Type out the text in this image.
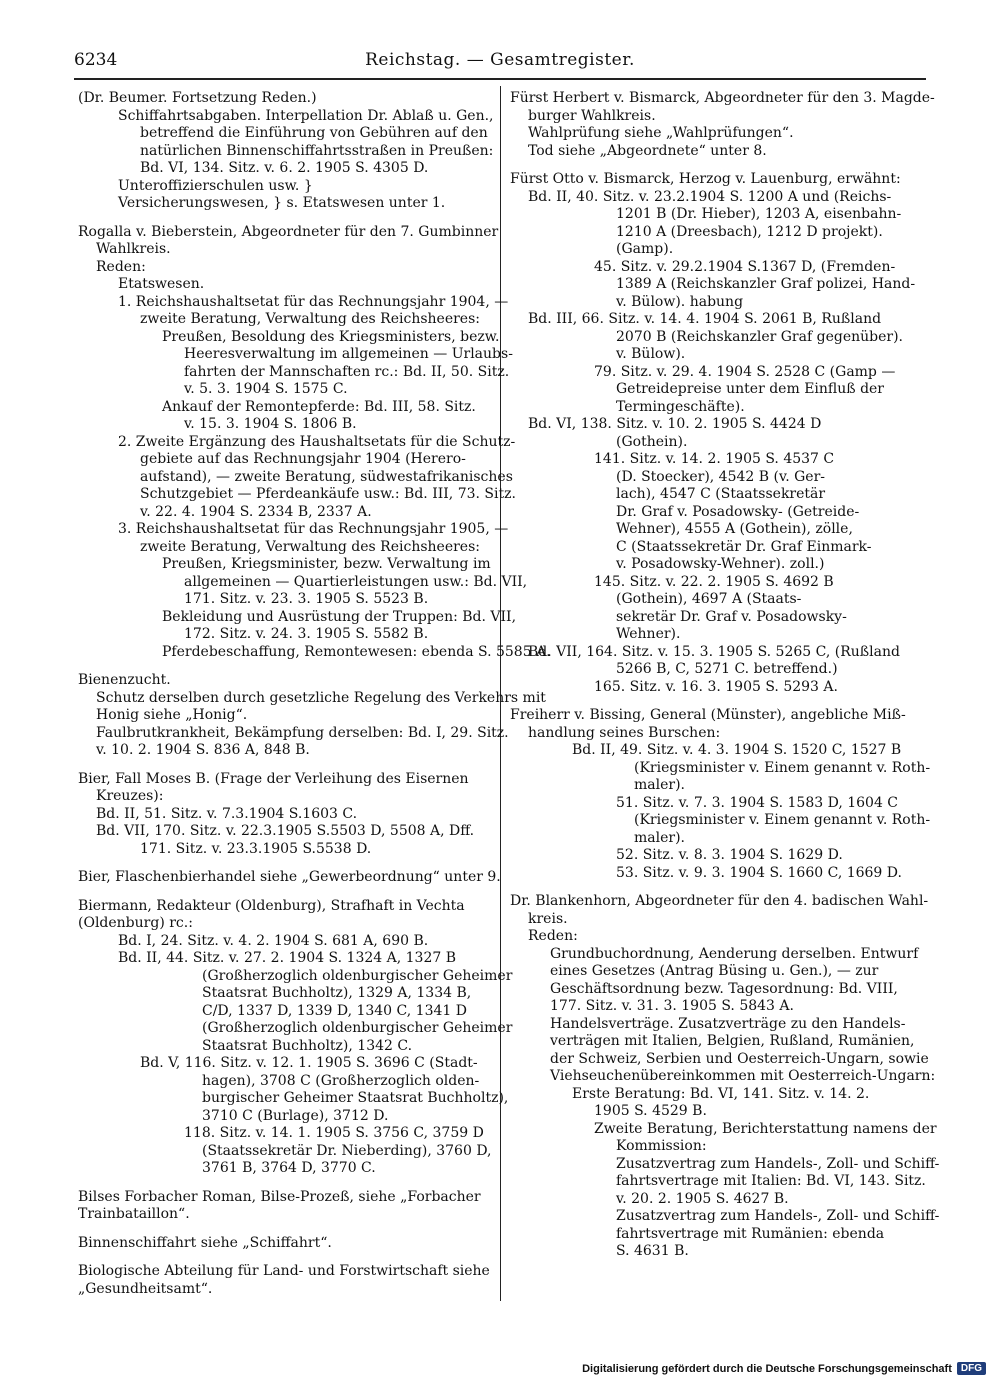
6234	Reichstag. — Gesamtregister.
(Dr. Beumer. Fortsetzung Reden.)
Schiffahrtsabgaben. Interpellation Dr. Ablaß u. Gen.,
betreffend die Einführung von Gebühren auf den
natürlichen Binnenschiffahrtsstraßen in Preußen:
Bd. VI, 134. Sitz. v. 6. 2. 1905 S. 4305 D.
Unteroffizierschulen usw. }
Versicherungswesen, } s. Etatswesen unter 1.
Rogalla v. Bieberstein, Abgeordneter für den 7. Gumbinner
Wahlkreis.
Reden:
Etatswesen.
1. Reichshaushaltsetat für das Rechnungsjahr 1904, —
zweite Beratung, Verwaltung des Reichsheeres:
Preußen, Besoldung des Kriegsministers, bezw.
Heeresverwaltung im allgemeinen — Urlaubs-
fahrten der Mannschaften rc.: Bd. II, 50. Sitz.
v. 5. 3. 1904 S. 1575 C.
Ankauf der Remontepferde: Bd. III, 58. Sitz.
v. 15. 3. 1904 S. 1806 B.
2. Zweite Ergänzung des Haushaltsetats für die Schutz-
gebiete auf das Rechnungsjahr 1904 (Herero-
aufstand), — zweite Beratung, südwestafrikanisches
Schutzgebiet — Pferdeankäufe usw.: Bd. III, 73. Sitz.
v. 22. 4. 1904 S. 2334 B, 2337 A.
3. Reichshaushaltsetat für das Rechnungsjahr 1905, —
zweite Beratung, Verwaltung des Reichsheeres:
Preußen, Kriegsminister, bezw. Verwaltung im
allgemeinen — Quartierleistungen usw.: Bd. VII,
171. Sitz. v. 23. 3. 1905 S. 5523 B.
Bekleidung und Ausrüstung der Truppen: Bd. VII,
172. Sitz. v. 24. 3. 1905 S. 5582 B.
Pferdebeschaffung, Remontewesen: ebenda S. 5585 A.
Bienenzucht.
Schutz derselben durch gesetzliche Regelung des Verkehrs mit
Honig siehe „Honig“.
Faulbrutkrankheit, Bekämpfung derselben: Bd. I, 29. Sitz.
v. 10. 2. 1904 S. 836 A, 848 B.
Bier, Fall Moses B. (Frage der Verleihung des Eisernen
Kreuzes):
Bd. II, 51. Sitz. v. 7.3.1904 S.1603 C.
Bd. VII, 170. Sitz. v. 22.3.1905 S.5503 D, 5508 A, Dff.
171. Sitz. v. 23.3.1905 S.5538 D.
Bier, Flaschenbierhandel siehe „Gewerbeordnung“ unter 9.
Biermann, Redakteur (Oldenburg), Strafhaft in Vechta
(Oldenburg) rc.:
Bd. I, 24. Sitz. v. 4. 2. 1904 S. 681 A, 690 B.
Bd. II, 44. Sitz. v. 27. 2. 1904 S. 1324 A, 1327 B
(Großherzoglich oldenburgischer Geheimer
Staatsrat Buchholtz), 1329 A, 1334 B,
C/D, 1337 D, 1339 D, 1340 C, 1341 D
(Großherzoglich oldenburgischer Geheimer
Staatsrat Buchholtz), 1342 C.
Bd. V, 116. Sitz. v. 12. 1. 1905 S. 3696 C (Stadt-
hagen), 3708 C (Großherzoglich olden-
burgischer Geheimer Staatsrat Buchholtz),
3710 C (Burlage), 3712 D.
118. Sitz. v. 14. 1. 1905 S. 3756 C, 3759 D
(Staatssekretär Dr. Nieberding), 3760 D,
3761 B, 3764 D, 3770 C.
Bilses Forbacher Roman, Bilse-Prozeß, siehe „Forbacher
Trainbataillon“.
Binnenschiffahrt siehe „Schiffahrt“.
Biologische Abteilung für Land- und Forstwirtschaft siehe
„Gesundheitsamt“.
Fürst Herbert v. Bismarck, Abgeordneter für den 3. Magde-
burger Wahlkreis.
Wahlprüfung siehe „Wahlprüfungen“.
Tod siehe „Abgeordnete“ unter 8.
Fürst Otto v. Bismarck, Herzog v. Lauenburg, erwähnt:
Bd. II, 40. Sitz. v. 23.2.1904 S. 1200 A und (Reichs-
1201 B (Dr. Hieber), 1203 A, eisenbahn-
1210 A (Dreesbach), 1212 D projekt).
(Gamp).
45. Sitz. v. 29.2.1904 S.1367 D, (Fremden-
1389 A (Reichskanzler Graf polizei, Hand-
v. Bülow). habung
Bd. III, 66. Sitz. v. 14. 4. 1904 S. 2061 B, Rußland
2070 B (Reichskanzler Graf gegenüber).
v. Bülow).
79. Sitz. v. 29. 4. 1904 S. 2528 C (Gamp —
Getreidepreise unter dem Einfluß der
Termingeschäfte).
Bd. VI, 138. Sitz. v. 10. 2. 1905 S. 4424 D
(Gothein).
141. Sitz. v. 14. 2. 1905 S. 4537 C
(D. Stoecker), 4542 B (v. Ger-
lach), 4547 C (Staatssekretär
Dr. Graf v. Posadowsky- (Getreide-
Wehner), 4555 A (Gothein), zölle,
C (Staatssekretär Dr. Graf Einmark-
v. Posadowsky-Wehner). zoll.)
145. Sitz. v. 22. 2. 1905 S. 4692 B
(Gothein), 4697 A (Staats-
sekretär Dr. Graf v. Posadowsky-
Wehner).
Bd. VII, 164. Sitz. v. 15. 3. 1905 S. 5265 C, (Rußland
5266 B, C, 5271 C. betreffend.)
165. Sitz. v. 16. 3. 1905 S. 5293 A.
Freiherr v. Bissing, General (Münster), angebliche Miß-
handlung seines Burschen:
Bd. II, 49. Sitz. v. 4. 3. 1904 S. 1520 C, 1527 B
(Kriegsminister v. Einem genannt v. Roth-
maler).
51. Sitz. v. 7. 3. 1904 S. 1583 D, 1604 C
(Kriegsminister v. Einem genannt v. Roth-
maler).
52. Sitz. v. 8. 3. 1904 S. 1629 D.
53. Sitz. v. 9. 3. 1904 S. 1660 C, 1669 D.
Dr. Blankenhorn, Abgeordneter für den 4. badischen Wahl-
kreis.
Reden:
Grundbuchordnung, Aenderung derselben. Entwurf
eines Gesetzes (Antrag Büsing u. Gen.), — zur
Geschäftsordnung bezw. Tagesordnung: Bd. VIII,
177. Sitz. v. 31. 3. 1905 S. 5843 A.
Handelsverträge. Zusatzverträge zu den Handels-
verträgen mit Italien, Belgien, Rußland, Rumänien,
der Schweiz, Serbien und Oesterreich-Ungarn, sowie
Viehseuchenübereinkommen mit Oesterreich-Ungarn:
Erste Beratung: Bd. VI, 141. Sitz. v. 14. 2.
1905 S. 4529 B.
Zweite Beratung, Berichterstattung namens der
Kommission:
Zusatzvertrag zum Handels-, Zoll- und Schiff-
fahrtsvertrage mit Italien: Bd. VI, 143. Sitz.
v. 20. 2. 1905 S. 4627 B.
Zusatzvertrag zum Handels-, Zoll- und Schiff-
fahrtsvertrage mit Rumänien: ebenda
S. 4631 B.
Digitalisierung gefördert durch die Deutsche Forschungsgemeinschaft DFG
